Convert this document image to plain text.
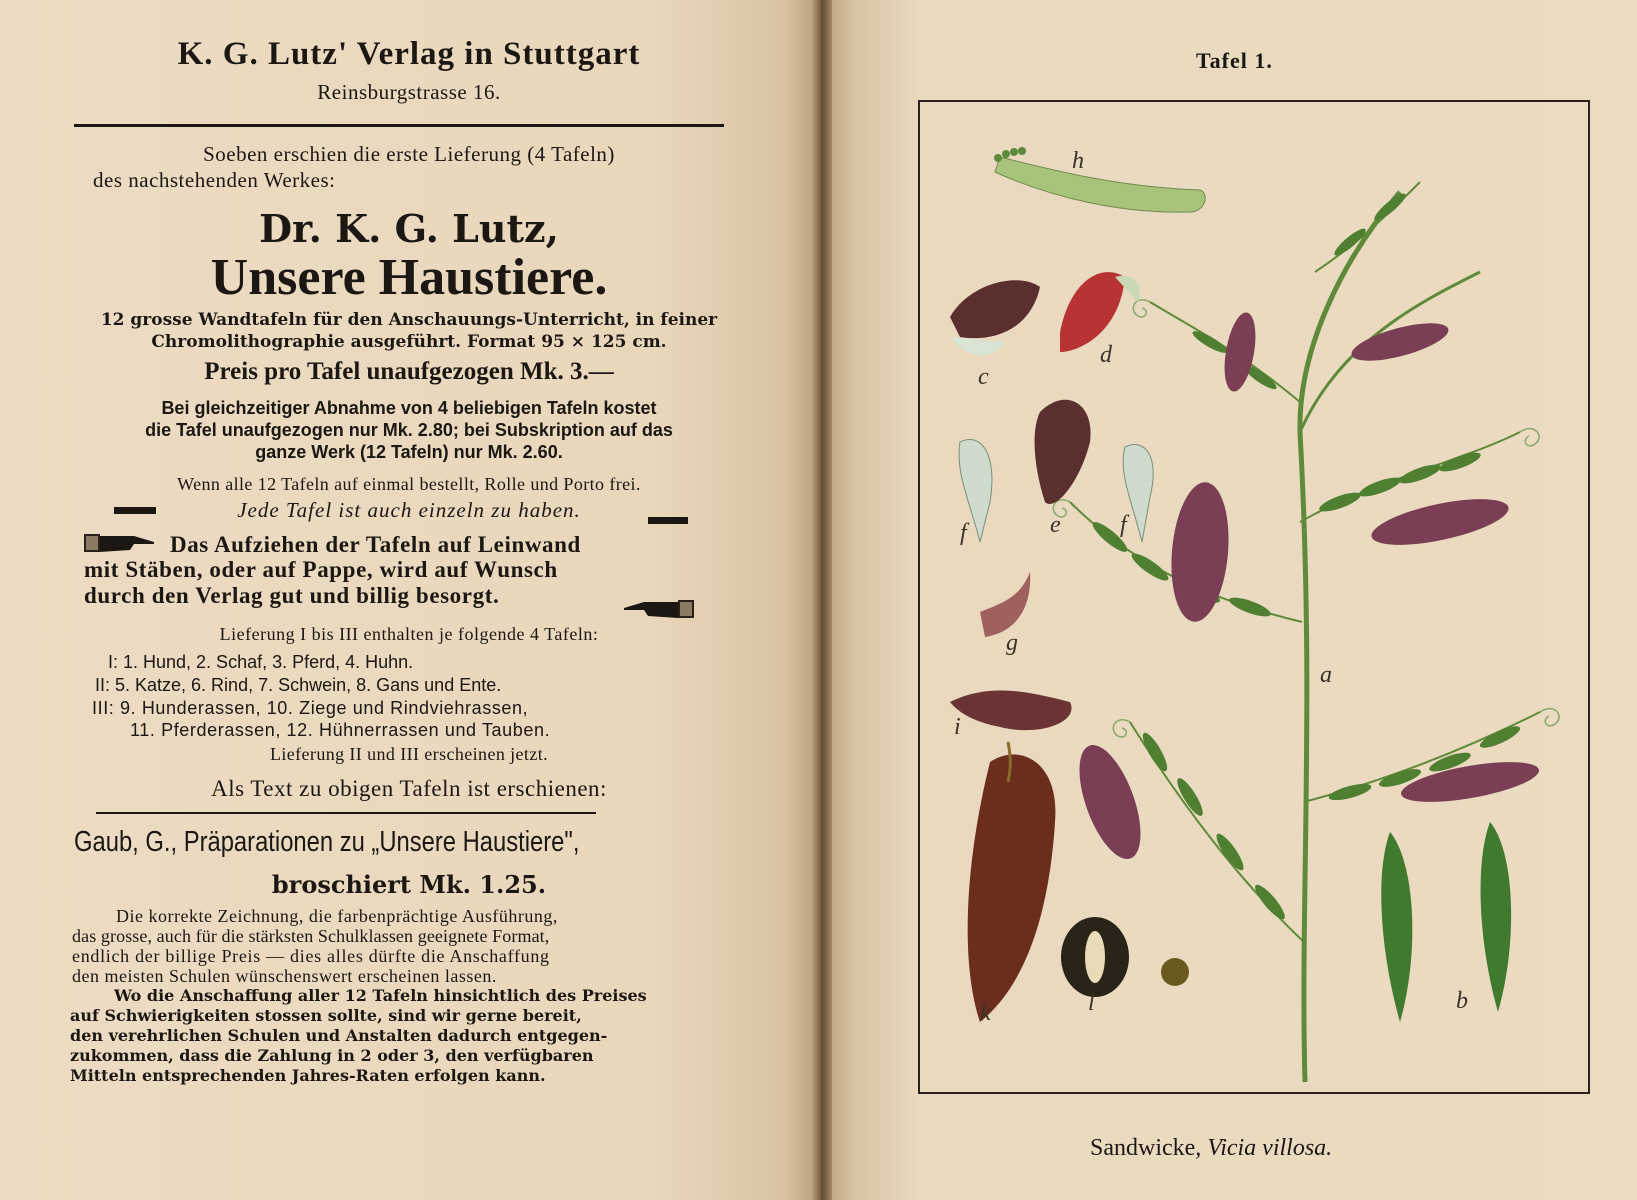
K. G. Lutz' Verlag in Stuttgart
Reinsburgstrasse 16.
Soeben erschien die erste Lieferung (4 Tafeln)
des nachstehenden Werkes:
Dr. K. G. Lutz,
Unsere Haustiere.
12 grosse Wandtafeln für den Anschauungs-Unterricht, in feiner
Chromolithographie ausgeführt. Format 95 × 125 cm.
Preis pro Tafel unaufgezogen Mk. 3.—
Bei gleichzeitiger Abnahme von 4 beliebigen Tafeln kostet
die Tafel unaufgezogen nur Mk. 2.80; bei Subskription auf das
ganze Werk (12 Tafeln) nur Mk. 2.60.
Wenn alle 12 Tafeln auf einmal bestellt, Rolle und Porto frei.
Jede Tafel ist auch einzeln zu haben.
Das Aufziehen der Tafeln auf Leinwand
mit Stäben, oder auf Pappe, wird auf Wunsch
durch den Verlag gut und billig besorgt.
Lieferung I bis III enthalten je folgende 4 Tafeln:
I: 1. Hund, 2. Schaf, 3. Pferd, 4. Huhn.
II: 5. Katze, 6. Rind, 7. Schwein, 8. Gans und Ente.
III: 9. Hunderassen, 10. Ziege und Rindviehrassen,
11. Pferderassen, 12. Hühnerrassen und Tauben.
Lieferung II und III erscheinen jetzt.
Als Text zu obigen Tafeln ist erschienen:
Gaub, G., Präparationen zu „Unsere Haustiere",
broschiert Mk. 1.25.
Die korrekte Zeichnung, die farbenprächtige Ausführung,
das grosse, auch für die stärksten Schulklassen geeignete Format,
endlich der billige Preis — dies alles dürfte die Anschaffung
den meisten Schulen wünschenswert erscheinen lassen.
Wo die Anschaffung aller 12 Tafeln hinsichtlich des Preises
auf Schwierigkeiten stossen sollte, sind wir gerne bereit,
den verehrlichen Schulen und Anstalten dadurch entgegen-
zukommen, dass die Zahlung in 2 oder 3, den verfügbaren
Mitteln entsprechenden Jahres-Raten erfolgen kann.
Tafel 1.
h
c
d
f	e f
g
a
i
k	l	b
Sandwicke, Vicia villosa.
